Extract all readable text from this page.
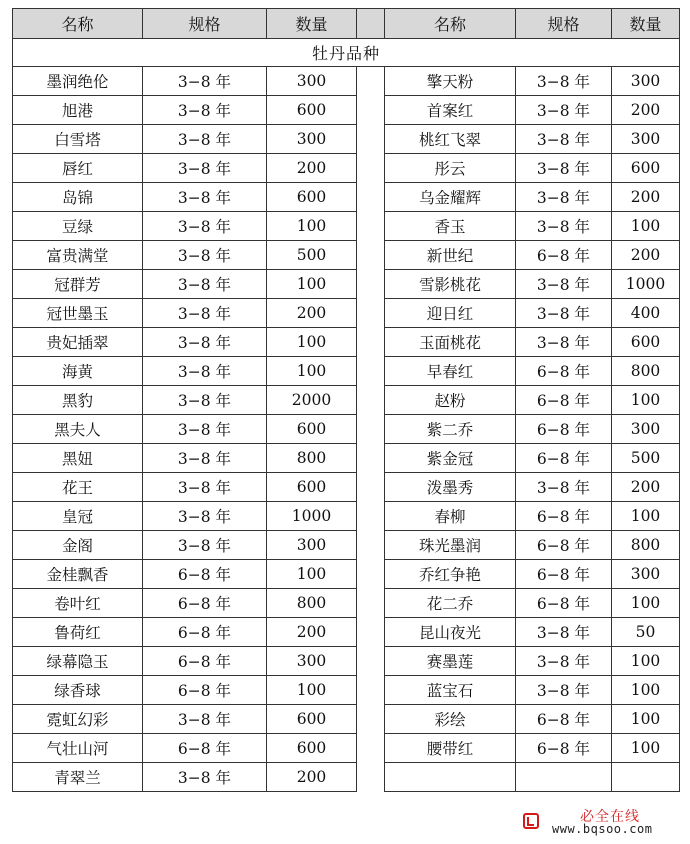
名称	规格	数量		名称	规格	数量
牡丹品种						
墨润绝伦	3−8 年	300		擎天粉	3−8 年	300
旭港	3−8 年	600		首案红	3−8 年	200
白雪塔	3−8 年	300		桃红飞翠	3−8 年	300
唇红	3−8 年	200		彤云	3−8 年	600
岛锦	3−8 年	600		乌金耀辉	3−8 年	200
豆绿	3−8 年	100		香玉	3−8 年	100
富贵满堂	3−8 年	500		新世纪	6−8 年	200
冠群芳	3−8 年	100		雪影桃花	3−8 年	1000
冠世墨玉	3−8 年	200		迎日红	3−8 年	400
贵妃插翠	3−8 年	100		玉面桃花	3−8 年	600
海黄	3−8 年	100		早春红	6−8 年	800
黑豹	3−8 年	2000		赵粉	6−8 年	100
黑夫人	3−8 年	600		紫二乔	6−8 年	300
黑妞	3−8 年	800		紫金冠	6−8 年	500
花王	3−8 年	600		泼墨秀	3−8 年	200
皇冠	3−8 年	1000		春柳	6−8 年	100
金阁	3−8 年	300		珠光墨润	6−8 年	800
金桂飘香	6−8 年	100		乔红争艳	6−8 年	300
卷叶红	6−8 年	800		花二乔	6−8 年	100
鲁荷红	6−8 年	200		昆山夜光	3−8 年	50
绿幕隐玉	6−8 年	300		赛墨莲	3−8 年	100
绿香球	6−8 年	100		蓝宝石	3−8 年	100
霓虹幻彩	3−8 年	600		彩绘	6−8 年	100
气壮山河	6−8 年	600		腰带红	6−8 年	100
青翠兰	3−8 年	200				
必全在线
www.bqsoo.com
